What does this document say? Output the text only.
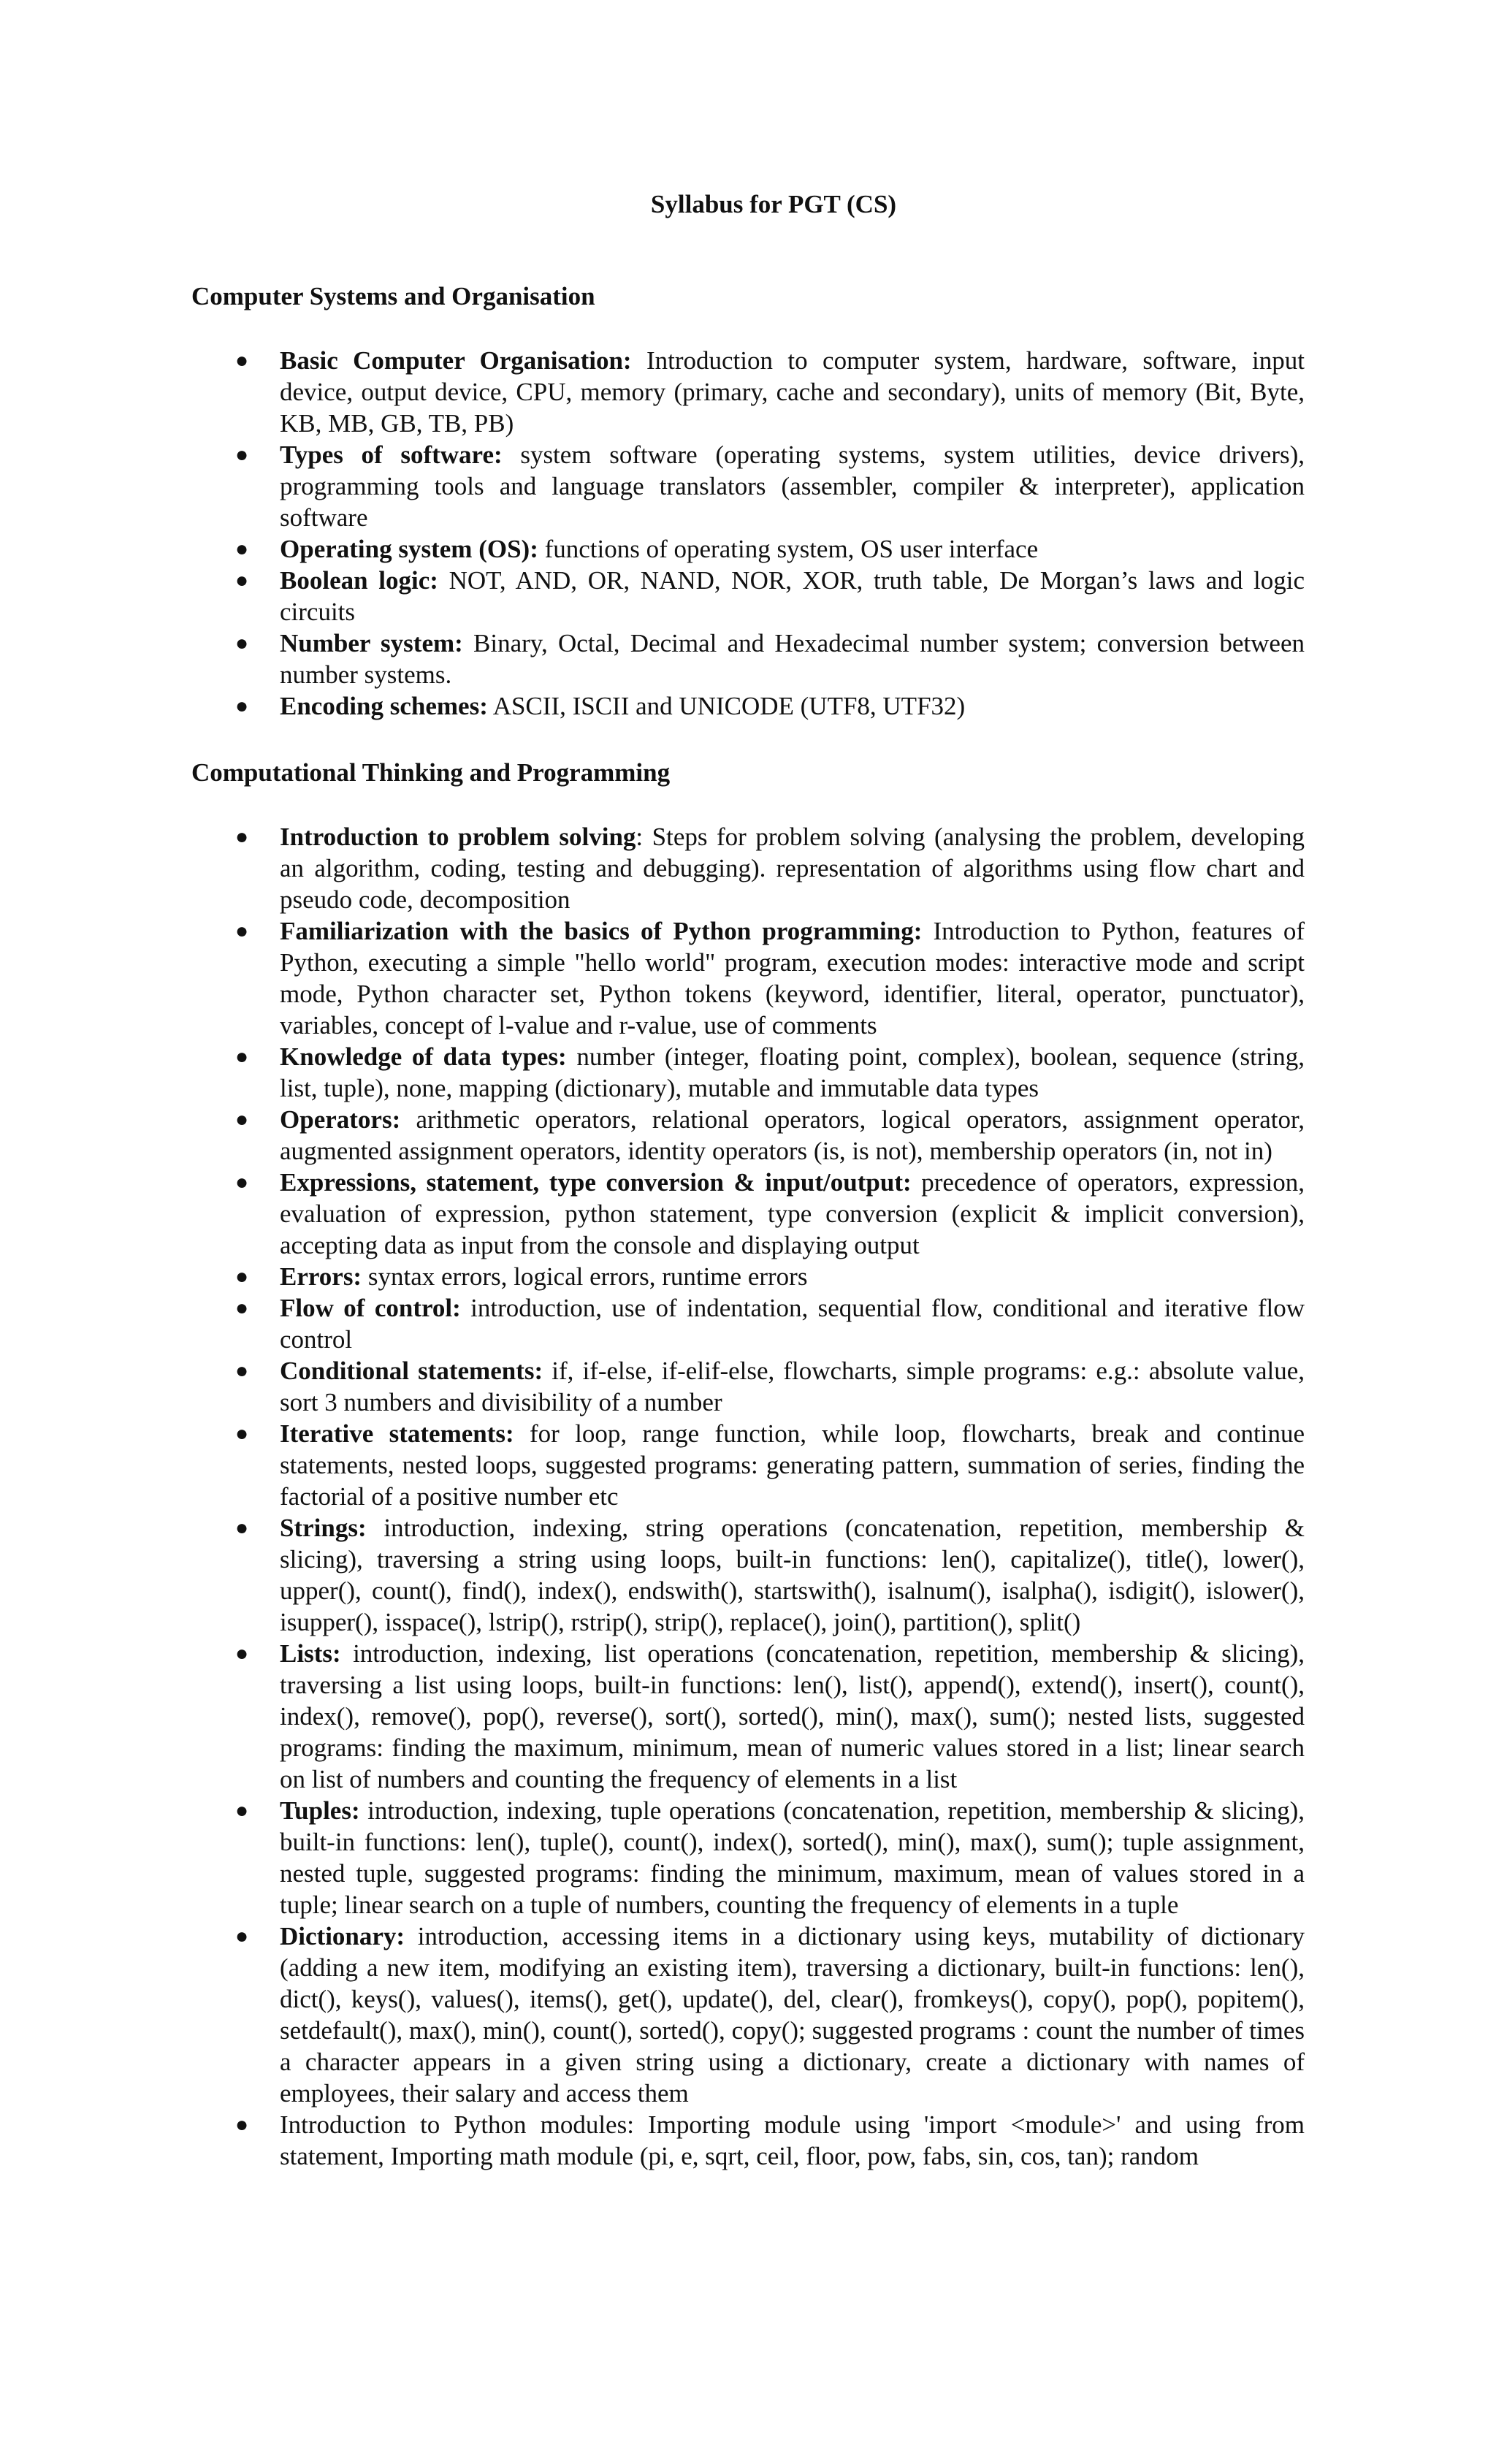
Syllabus for PGT (CS)
Computer Systems and Organisation
●	Basic Computer Organisation: Introduction to computer system, hardware, software, input device, output device, CPU, memory (primary, cache and secondary), units of memory (Bit, Byte, KB, MB, GB, TB, PB)
●	Types of software: system software (operating systems, system utilities, device drivers), programming tools and language translators (assembler, compiler & interpreter), application software
●	Operating system (OS): functions of operating system, OS user interface
●	Boolean logic: NOT, AND, OR, NAND, NOR, XOR, truth table, De Morgan’s laws and logic circuits
●	Number system: Binary, Octal, Decimal and Hexadecimal number system; conversion between number systems.
●	Encoding schemes: ASCII, ISCII and UNICODE (UTF8, UTF32)
Computational Thinking and Programming
●	Introduction to problem solving: Steps for problem solving (analysing the problem, developing an algorithm, coding, testing and debugging). representation of algorithms using flow chart and pseudo code, decomposition
●	Familiarization with the basics of Python programming: Introduction to Python, features of Python, executing a simple "hello world" program, execution modes: interactive mode and script mode, Python character set, Python tokens (keyword, identifier, literal, operator, punctuator), variables, concept of l-value and r-value, use of comments
●	Knowledge of data types: number (integer, floating point, complex), boolean, sequence (string, list, tuple), none, mapping (dictionary), mutable and immutable data types
●	Operators: arithmetic operators, relational operators, logical operators, assignment operator, augmented assignment operators, identity operators (is, is not), membership operators (in, not in)
●	Expressions, statement, type conversion & input/output: precedence of operators, expression, evaluation of expression, python statement, type conversion (explicit & implicit conversion), accepting data as input from the console and displaying output
●	Errors: syntax errors, logical errors, runtime errors
●	Flow of control: introduction, use of indentation, sequential flow, conditional and iterative flow control
●	Conditional statements: if, if-else, if-elif-else, flowcharts, simple programs: e.g.: absolute value, sort 3 numbers and divisibility of a number
●	Iterative statements: for loop, range function, while loop, flowcharts, break and continue statements, nested loops, suggested programs: generating pattern, summation of series, finding the factorial of a positive number etc
●	Strings: introduction, indexing, string operations (concatenation, repetition, membership & slicing), traversing a string using loops, built-in functions: len(), capitalize(), title(), lower(), upper(), count(), find(), index(), endswith(), startswith(), isalnum(), isalpha(), isdigit(), islower(), isupper(), isspace(), lstrip(), rstrip(), strip(), replace(), join(), partition(), split()
●	Lists: introduction, indexing, list operations (concatenation, repetition, membership & slicing), traversing a list using loops, built-in functions: len(), list(), append(), extend(), insert(), count(), index(), remove(), pop(), reverse(), sort(), sorted(), min(), max(), sum(); nested lists, suggested programs: finding the maximum, minimum, mean of numeric values stored in a list; linear search on list of numbers and counting the frequency of elements in a list
●	Tuples: introduction, indexing, tuple operations (concatenation, repetition, membership & slicing), built-in functions: len(), tuple(), count(), index(), sorted(), min(), max(), sum(); tuple assignment, nested tuple, suggested programs: finding the minimum, maximum, mean of values stored in a tuple; linear search on a tuple of numbers, counting the frequency of elements in a tuple
●	Dictionary: introduction, accessing items in a dictionary using keys, mutability of dictionary (adding a new item, modifying an existing item), traversing a dictionary, built-in functions: len(), dict(), keys(), values(), items(), get(), update(), del, clear(), fromkeys(), copy(), pop(), popitem(), setdefault(), max(), min(), count(), sorted(), copy(); suggested programs : count the number of times a character appears in a given string using a dictionary, create a dictionary with names of employees, their salary and access them
●	Introduction to Python modules: Importing module using 'import <module>' and using from statement, Importing math module (pi, e, sqrt, ceil, floor, pow, fabs, sin, cos, tan); random
